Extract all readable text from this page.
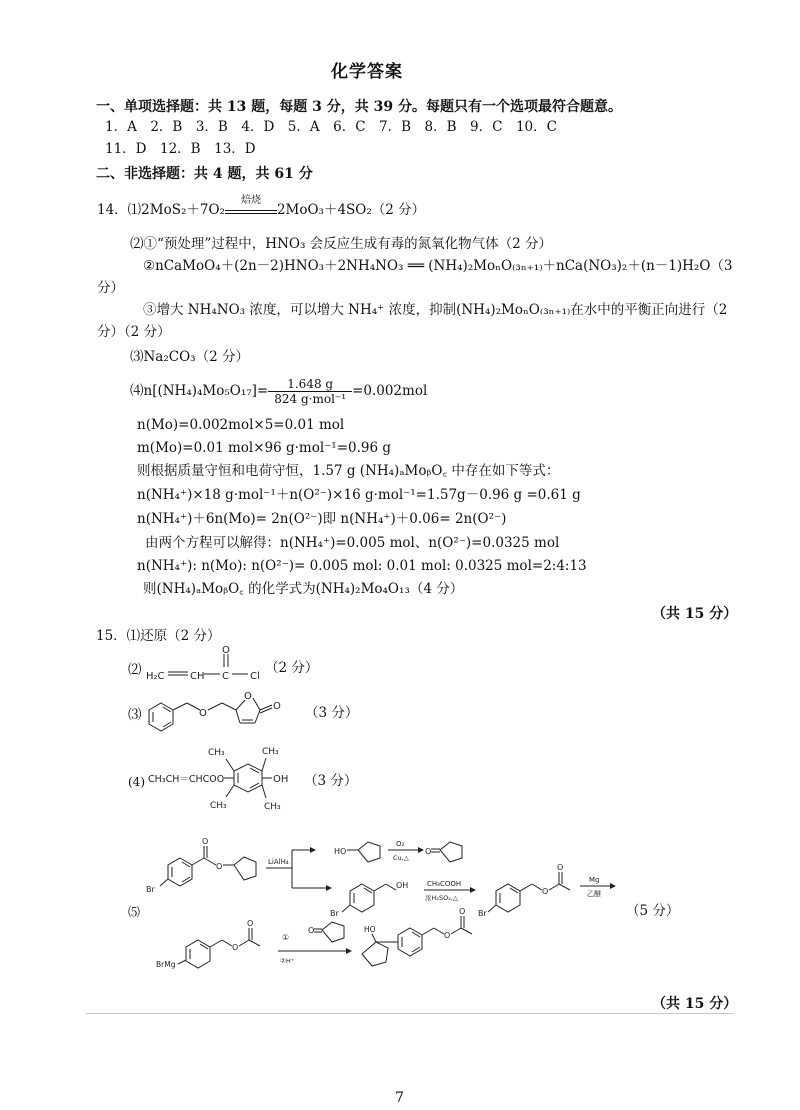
化学答案
一、单项选择题：共 13 题，每题 3 分，共 39 分。每题只有一个选项最符合题意。
1．A　2．B　3．B　4．D　5．A　6．C　7．B　8．B　9．C　10．C
11．D　12．B　13．D
二、非选择题：共 4 题，共 61 分
14．⑴2MoS₂＋7O₂
焙烧
2MoO₃＋4SO₂（2 分）
⑵①“预处理”过程中，HNO₃ 会反应生成有毒的氮氧化物气体（2 分）
②nCaMoO₄＋(2n－2)HNO₃＋2NH₄NO₃ ══ (NH₄)₂MoₙO₍₃ₙ₊₁₎＋nCa(NO₃)₂＋(n－1)H₂O（3
分）
③增大 NH₄NO₃ 浓度，可以增大 NH₄⁺ 浓度，抑制(NH₄)₂MoₙO₍₃ₙ₊₁₎在水中的平衡正向进行（2
分）（2 分）
⑶Na₂CO₃（2 分）
⑷n[(NH₄)₄Mo₅O₁₇]= $\frac{1.648 g}{\text{824 g·mol⁻¹}} =0.002mol$
n(Mo)=0.002mol×5=0.01 mol
m(Mo)=0.01 mol×96 g·mol⁻¹=0.96 g
则根据质量守恒和电荷守恒，1.57 g (NH₄)ₐMoᵦO꜀ 中存在如下等式：
n(NH₄⁺)×18 g·mol⁻¹＋n(O²⁻)×16 g·mol⁻¹=1.57g－0.96 g =0.61 g
n(NH₄⁺)＋6n(Mo)= 2n(O²⁻)即 n(NH₄⁺)＋0.06= 2n(O²⁻)
由两个方程可以解得：n(NH₄⁺)=0.005 mol、n(O²⁻)=0.0325 mol
n(NH₄⁺): n(Mo): n(O²⁻)= 0.005 mol: 0.01 mol: 0.0325 mol=2:4:13
则(NH₄)ₐMoᵦO꜀ 的化学式为(NH₄)₂Mo₄O₁₃（4 分）
（共 15 分）
15．⑴还原（2 分）
⑵ H₂C	CH C
O
Cl
（2 分）
⑶	O
O
O （3 分）
(4) CH₃CH＝CHCOO	OH
CH₃	CH₃
CH₃	CH₃
（3 分）
⑸
Br
O
O	LiAlH₄
HO
O₂
Cu,△
O
Br
OH	CH₃COOH
浓H₂SO₄,△
Br
O
O
Mg
乙醚
BrMg
O
O
①
O
②H⁺
HO
O
O	（5 分）
（共 15 分）
7
